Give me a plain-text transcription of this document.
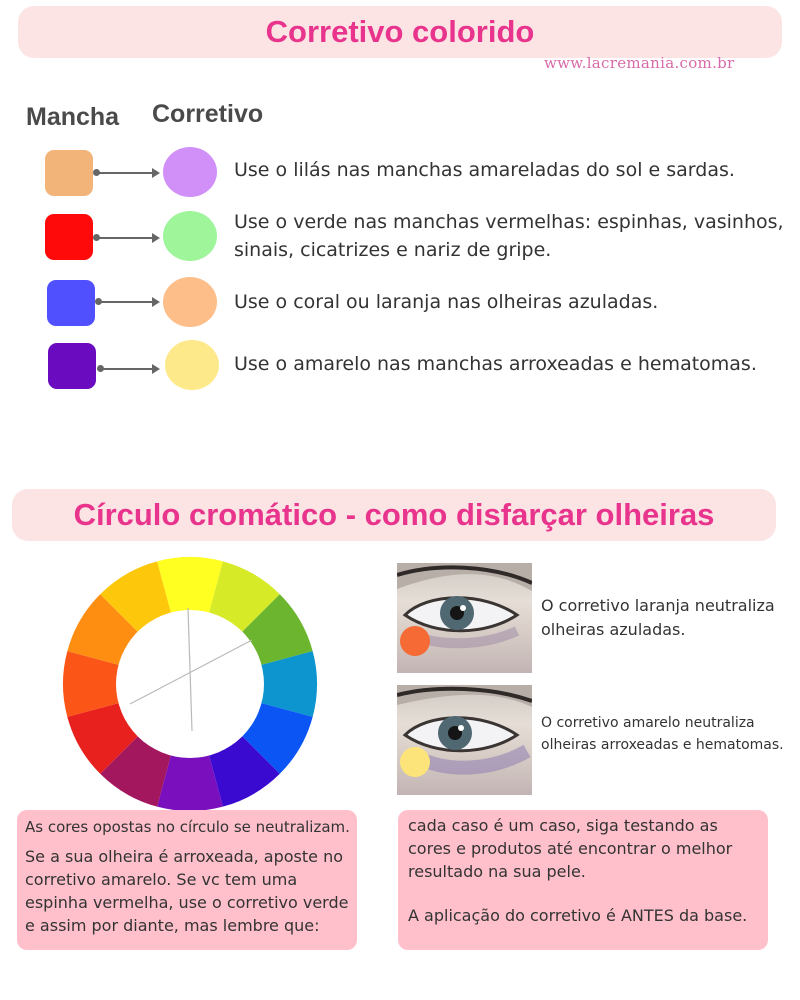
Corretivo colorido
www.lacremania.com.br
Mancha Corretivo
Use o lilás nas manchas amareladas do sol e sardas.
Use o verde nas manchas vermelhas: espinhas, vasinhos, sinais, cicatrizes e nariz de gripe.
Use o coral ou laranja nas olheiras azuladas.
Use o amarelo nas manchas arroxeadas e hematomas.
Círculo cromático - como disfarçar olheiras
O corretivo laranja neutraliza olheiras azuladas.
O corretivo amarelo neutraliza olheiras arroxeadas e hematomas.
As cores opostas no círculo se neutralizam.
Se a sua olheira é arroxeada, aposte no corretivo amarelo. Se vc tem uma espinha vermelha, use o corretivo verde e assim por diante, mas lembre que:
cada caso é um caso, siga testando as cores e produtos até encontrar o melhor resultado na sua pele.
A aplicação do corretivo é ANTES da base.
